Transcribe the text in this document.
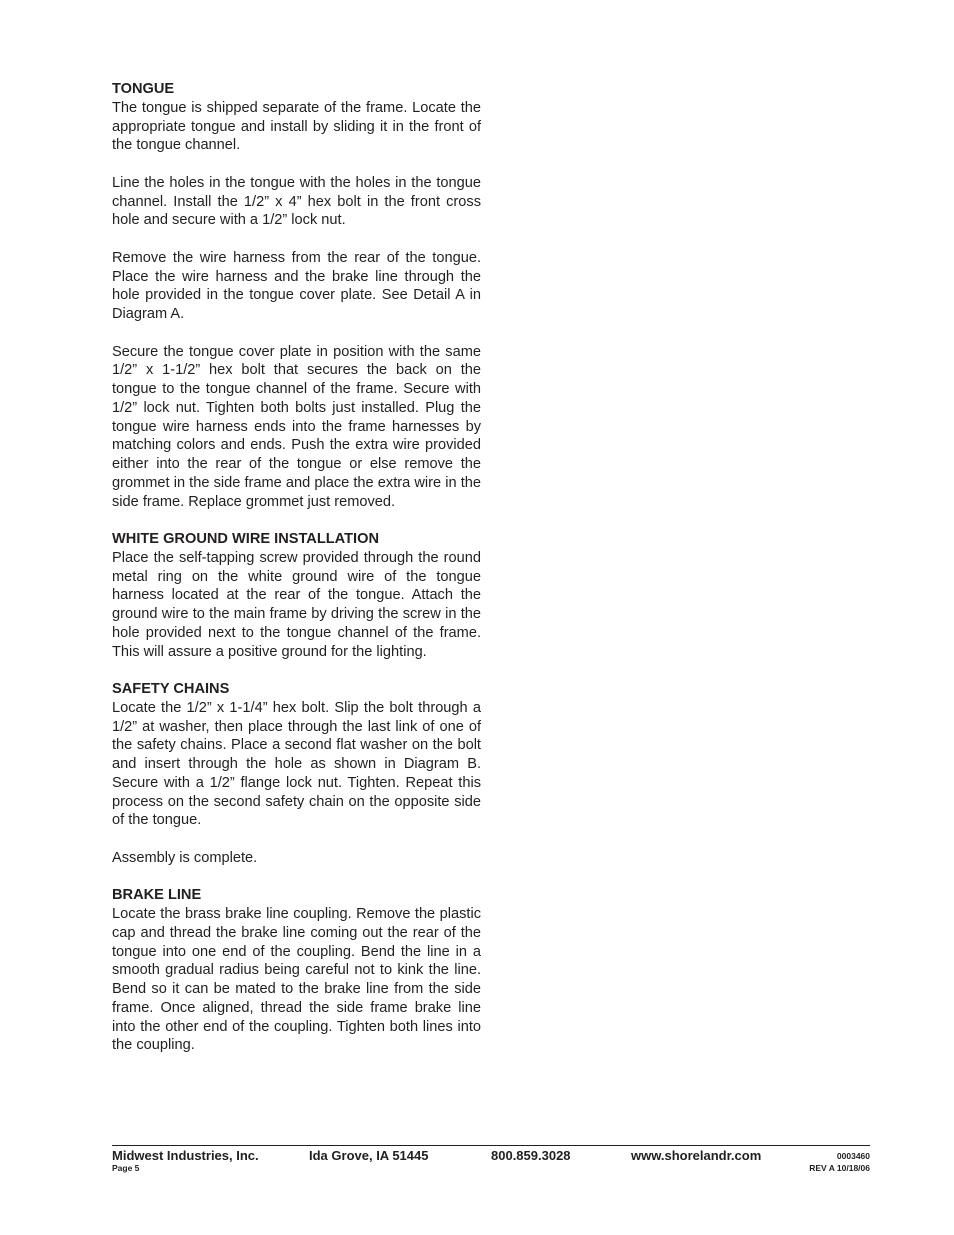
TONGUE

The tongue is shipped separate of the frame. Locate the appropriate tongue and install by sliding it in the front of the tongue channel.

Line the holes in the tongue with the holes in the tongue channel. Install the 1/2” x 4” hex bolt in the front cross hole and secure with a 1/2” lock nut.

Remove the wire harness from the rear of the tongue. Place the wire harness and the brake line through the hole provided in the tongue cover plate. See Detail A in Diagram A.

Secure the tongue cover plate in position with the same 1/2” x 1-1/2” hex bolt that secures the back on the tongue to the tongue channel of the frame. Secure with 1/2” lock nut. Tighten both bolts just installed. Plug the tongue wire harness ends into the frame harnesses by matching colors and ends. Push the extra wire provided either into the rear of the tongue or else remove the grommet in the side frame and place the extra wire in the side frame. Replace grommet just removed.

WHITE GROUND WIRE INSTALLATION

Place the self-tapping screw provided through the round metal ring on the white ground wire of the tongue harness located at the rear of the tongue. Attach the ground wire to the main frame by driving the screw in the hole provided next to the tongue channel of the frame. This will assure a positive ground for the lighting.

SAFETY CHAINS

Locate the 1/2” x 1-1/4” hex bolt. Slip the bolt through a 1/2” at washer, then place through the last link of one of the safety chains. Place a second flat washer on the bolt and insert through the hole as shown in Diagram B. Secure with a 1/2” flange lock nut. Tighten. Repeat this process on the second safety chain on the opposite side of the tongue.

Assembly is complete.

BRAKE LINE

Locate the brass brake line coupling. Remove the plastic cap and thread the brake line coming out the rear of the tongue into one end of the coupling. Bend the line in a smooth gradual radius being careful not to kink the line. Bend so it can be mated to the brake line from the side frame. Once aligned, thread the side frame brake line into the other end of the coupling. Tighten both lines into the coupling.

Midwest Industries, Inc.	Ida Grove, IA 51445	800.859.3028	www.shorelandr.com
Page 5
0003460
REV A 10/18/06
